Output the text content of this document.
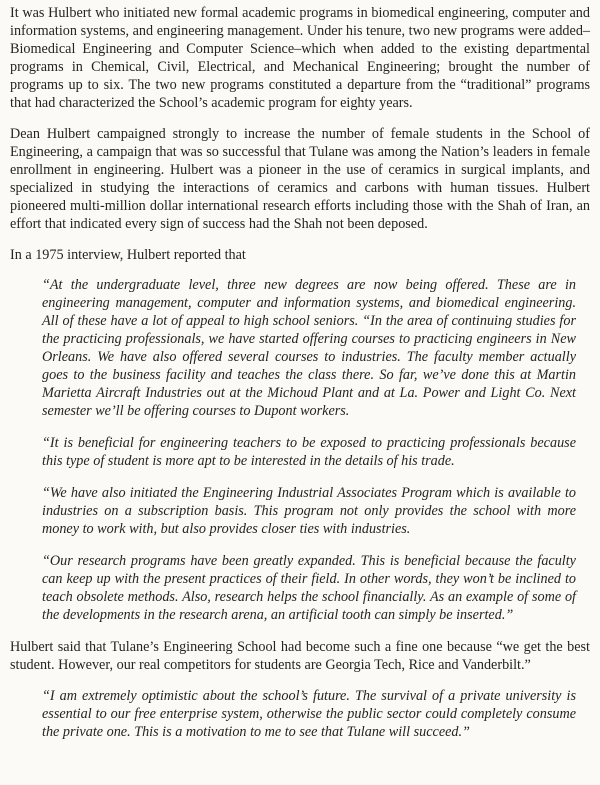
It was Hulbert who initiated new formal academic programs in biomedical engineering, computer and information systems, and engineering management. Under his tenure, two new programs were added–Biomedical Engineering and Computer Science–which when added to the existing departmental programs in Chemical, Civil, Electrical, and Mechanical Engineering; brought the number of programs up to six. The two new programs constituted a departure from the “traditional” programs that had characterized the School’s academic program for eighty years.

Dean Hulbert campaigned strongly to increase the number of female students in the School of Engineering, a campaign that was so successful that Tulane was among the Nation’s leaders in female enrollment in engineering. Hulbert was a pioneer in the use of ceramics in surgical implants, and specialized in studying the interactions of ceramics and carbons with human tissues. Hulbert pioneered multi-million dollar international research efforts including those with the Shah of Iran, an effort that indicated every sign of success had the Shah not been deposed.

In a 1975 interview, Hulbert reported that

“At the undergraduate level, three new degrees are now being offered. These are in engineering management, computer and information systems, and biomedical engineering. All of these have a lot of appeal to high school seniors. “In the area of continuing studies for the practicing professionals, we have started offering courses to practicing engineers in New Orleans. We have also offered several courses to industries. The faculty member actually goes to the business facility and teaches the class there. So far, we’ve done this at Martin Marietta Aircraft Industries out at the Michoud Plant and at La. Power and Light Co. Next semester we’ll be offering courses to Dupont workers.

“It is beneficial for engineering teachers to be exposed to practicing professionals because this type of student is more apt to be interested in the details of his trade.

“We have also initiated the Engineering Industrial Associates Program which is available to industries on a subscription basis. This program not only provides the school with more money to work with, but also provides closer ties with industries.

“Our research programs have been greatly expanded. This is beneficial because the faculty can keep up with the present practices of their field. In other words, they won’t be inclined to teach obsolete methods. Also, research helps the school financially. As an example of some of the developments in the research arena, an artificial tooth can simply be inserted.”

Hulbert said that Tulane’s Engineering School had become such a fine one because “we get the best student. However, our real competitors for students are Georgia Tech, Rice and Vanderbilt.”

“I am extremely optimistic about the school’s future. The survival of a private university is essential to our free enterprise system, otherwise the public sector could completely consume the private one. This is a motivation to me to see that Tulane will succeed.”
